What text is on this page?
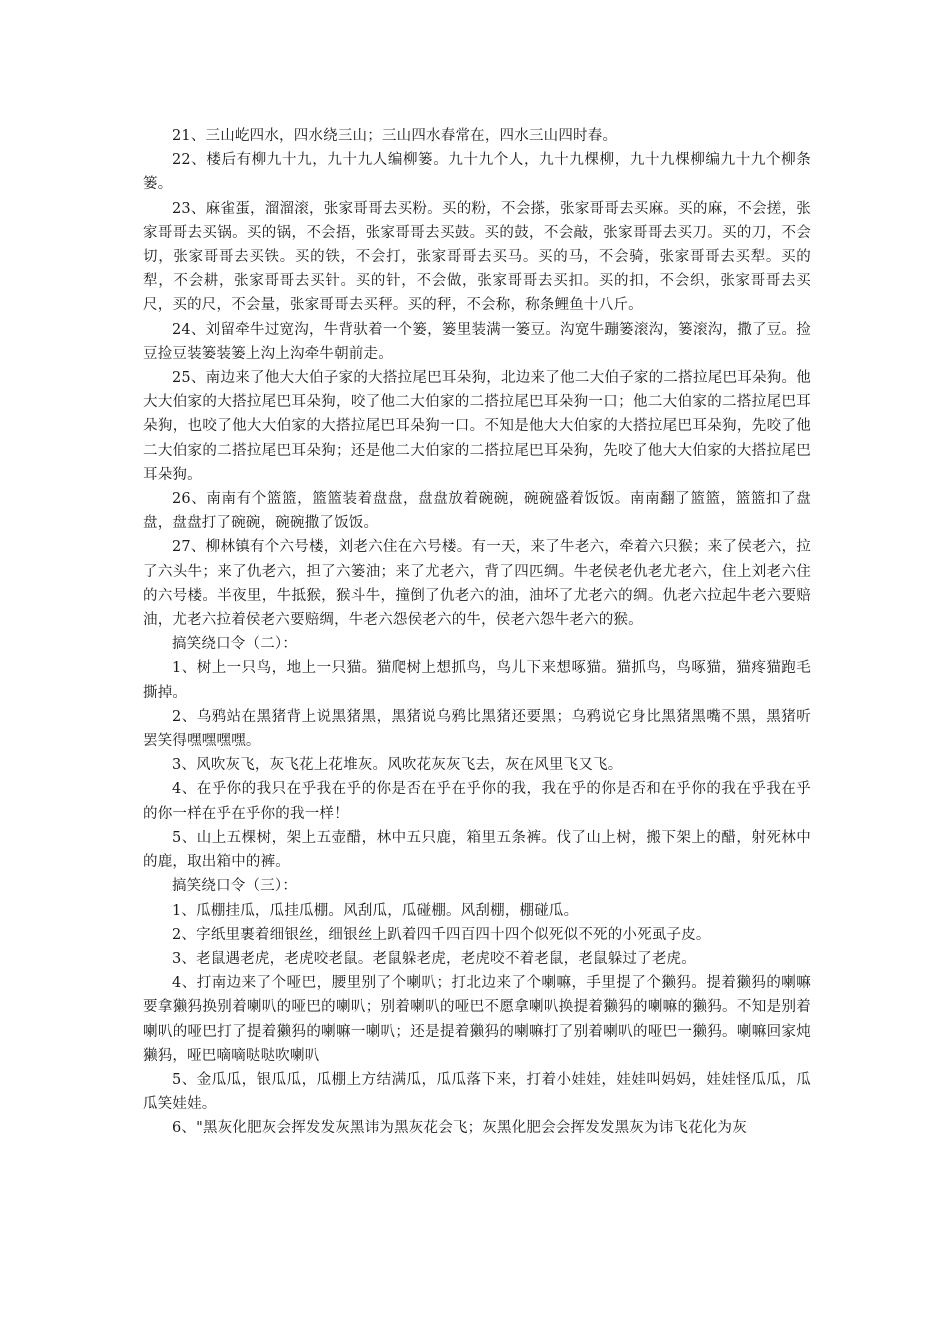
21、三山屹四水，四水绕三山；三山四水春常在，四水三山四时春。

22、楼后有柳九十九，九十九人编柳篓。九十九个人，九十九棵柳，九十九棵柳编九十九个柳条篓。

23、麻雀蛋，溜溜滚，张家哥哥去买粉。买的粉，不会搽，张家哥哥去买麻。买的麻，不会搓，张家哥哥去买锅。买的锅，不会捂，张家哥哥去买鼓。买的鼓，不会敲，张家哥哥去买刀。买的刀，不会切，张家哥哥去买铁。买的铁，不会打，张家哥哥去买马。买的马，不会骑，张家哥哥去买犁。买的犁，不会耕，张家哥哥去买针。买的针，不会做，张家哥哥去买扣。买的扣，不会织，张家哥哥去买尺，买的尺，不会量，张家哥哥去买秤。买的秤，不会称，称条鲤鱼十八斤。

24、刘留牵牛过宽沟，牛背驮着一个篓，篓里装满一篓豆。沟宽牛蹦篓滚沟，篓滚沟，撒了豆。捡豆捡豆装篓装篓上沟上沟牵牛朝前走。

25、南边来了他大大伯子家的大搭拉尾巴耳朵狗，北边来了他二大伯子家的二搭拉尾巴耳朵狗。他大大伯家的大搭拉尾巴耳朵狗，咬了他二大伯家的二搭拉尾巴耳朵狗一口；他二大伯家的二搭拉尾巴耳朵狗，也咬了他大大伯家的大搭拉尾巴耳朵狗一口。不知是他大大伯家的大搭拉尾巴耳朵狗，先咬了他二大伯家的二搭拉尾巴耳朵狗；还是他二大伯家的二搭拉尾巴耳朵狗，先咬了他大大伯家的大搭拉尾巴耳朵狗。

26、南南有个篮篮，篮篮装着盘盘，盘盘放着碗碗，碗碗盛着饭饭。南南翻了篮篮，篮篮扣了盘盘，盘盘打了碗碗，碗碗撒了饭饭。

27、柳林镇有个六号楼，刘老六住在六号楼。有一天，来了牛老六，牵着六只猴；来了侯老六，拉了六头牛；来了仇老六，担了六篓油；来了尤老六，背了四匹绸。牛老侯老仇老尤老六，住上刘老六住的六号楼。半夜里，牛抵猴，猴斗牛，撞倒了仇老六的油，油坏了尤老六的绸。仇老六拉起牛老六要赔油，尤老六拉着侯老六要赔绸，牛老六怨侯老六的牛，侯老六怨牛老六的猴。

搞笑绕口令（二）：

1、树上一只鸟，地上一只猫。猫爬树上想抓鸟，鸟儿下来想啄猫。猫抓鸟，鸟啄猫，猫疼猫跑毛撕掉。

2、乌鸦站在黑猪背上说黑猪黑，黑猪说乌鸦比黑猪还要黑；乌鸦说它身比黑猪黑嘴不黑，黑猪听罢笑得嘿嘿嘿嘿。

3、风吹灰飞，灰飞花上花堆灰。风吹花灰灰飞去，灰在风里飞又飞。

4、在乎你的我只在乎我在乎的你是否在乎在乎你的我，我在乎的你是否和在乎你的我在乎我在乎的你一样在乎在乎你的我一样！

5、山上五棵树，架上五壶醋，林中五只鹿，箱里五条裤。伐了山上树，搬下架上的醋，射死林中的鹿，取出箱中的裤。

搞笑绕口令（三）：

1、瓜棚挂瓜，瓜挂瓜棚。风刮瓜，瓜碰棚。风刮棚，棚碰瓜。

2、字纸里裹着细银丝，细银丝上趴着四千四百四十四个似死似不死的小死虱子皮。

3、老鼠遇老虎，老虎咬老鼠。老鼠躲老虎，老虎咬不着老鼠，老鼠躲过了老虎。

4、打南边来了个哑巴，腰里别了个喇叭；打北边来了个喇嘛，手里提了个獭犸。提着獭犸的喇嘛要拿獭犸换别着喇叭的哑巴的喇叭；别着喇叭的哑巴不愿拿喇叭换提着獭犸的喇嘛的獭犸。不知是别着喇叭的哑巴打了提着獭犸的喇嘛一喇叭；还是提着獭犸的喇嘛打了别着喇叭的哑巴一獭犸。喇嘛回家炖獭犸，哑巴嘀嘀哒哒吹喇叭

5、金瓜瓜，银瓜瓜，瓜棚上方结满瓜，瓜瓜落下来，打着小娃娃，娃娃叫妈妈，娃娃怪瓜瓜，瓜瓜笑娃娃。

6、"黑灰化肥灰会挥发发灰黑讳为黑灰花会飞；灰黑化肥会会挥发发黑灰为讳飞花化为灰
